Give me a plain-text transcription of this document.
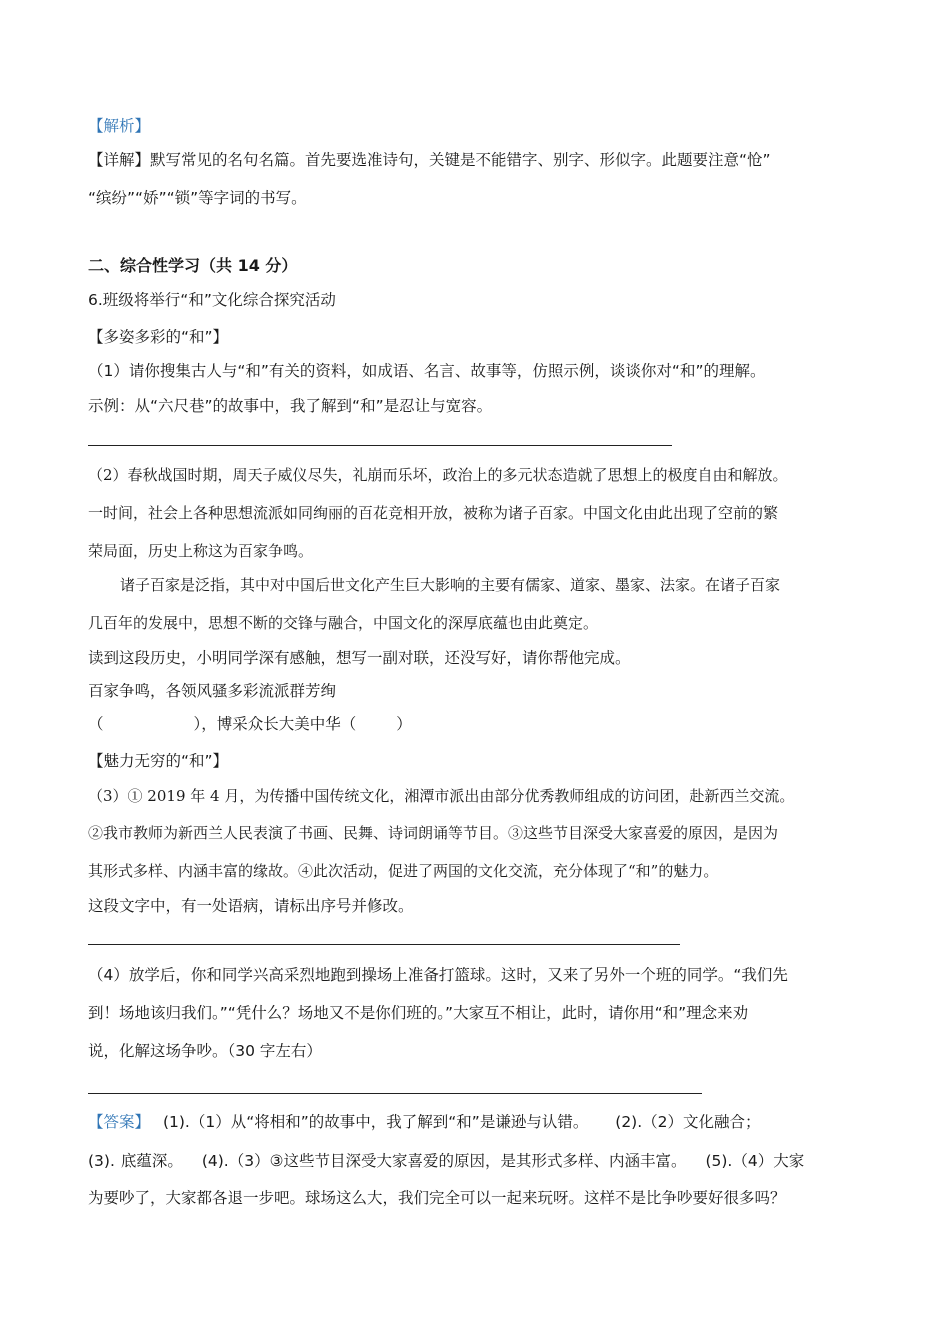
【解析】
【详解】默写常见的名句名篇。首先要选准诗句，关键是不能错字、别字、形似字。此题要注意“怆”
“缤纷”“娇”“锁”等字词的书写。
二、综合性学习（共 14 分）
6.班级将举行“和”文化综合探究活动
【多姿多彩的“和”】
（1）请你搜集古人与“和”有关的资料，如成语、名言、故事等，仿照示例，谈谈你对“和”的理解。
示例：从“六尺巷”的故事中，我了解到“和”是忍让与宽容。
（2）春秋战国时期，周天子威仪尽失，礼崩而乐坏，政治上的多元状态造就了思想上的极度自由和解放。
一时间，社会上各种思想流派如同绚丽的百花竞相开放，被称为诸子百家。中国文化由此出现了空前的繁
荣局面，历史上称这为百家争鸣。
诸子百家是泛指，其中对中国后世文化产生巨大影响的主要有儒家、道家、墨家、法家。在诸子百家
几百年的发展中，思想不断的交锋与融合，中国文化的深厚底蕴也由此奠定。
读到这段历史，小明同学深有感触，想写一副对联，还没写好，请你帮他完成。
百家争鸣，各领风骚多彩流派群芳绚
（	），博采众长大美中华（	）
【魅力无穷的“和”】
（3）① 2019 年 4 月，为传播中国传统文化，湘潭市派出由部分优秀教师组成的访问团，赴新西兰交流。
②我市教师为新西兰人民表演了书画、民舞、诗词朗诵等节目。③这些节目深受大家喜爱的原因，是因为
其形式多样、内涵丰富的缘故。④此次活动，促进了两国的文化交流，充分体现了“和”的魅力。
这段文字中，有一处语病，请标出序号并修改。
（4）放学后，你和同学兴高采烈地跑到操场上准备打篮球。这时，又来了另外一个班的同学。“我们先
到！场地该归我们。”“凭什么？场地又不是你们班的。”大家互不相让，此时，请你用“和”理念来劝
说，化解这场争吵。（30 字左右）
【答案】 (1).（1）从“将相和”的故事中，我了解到“和”是谦逊与认错。 (2).（2）文化融合；
(3). 底蕴深。 (4).（3）③这些节目深受大家喜爱的原因，是其形式多样、内涵丰富。 (5).（4）大家
为要吵了，大家都各退一步吧。球场这么大，我们完全可以一起来玩呀。这样不是比争吵要好很多吗？
